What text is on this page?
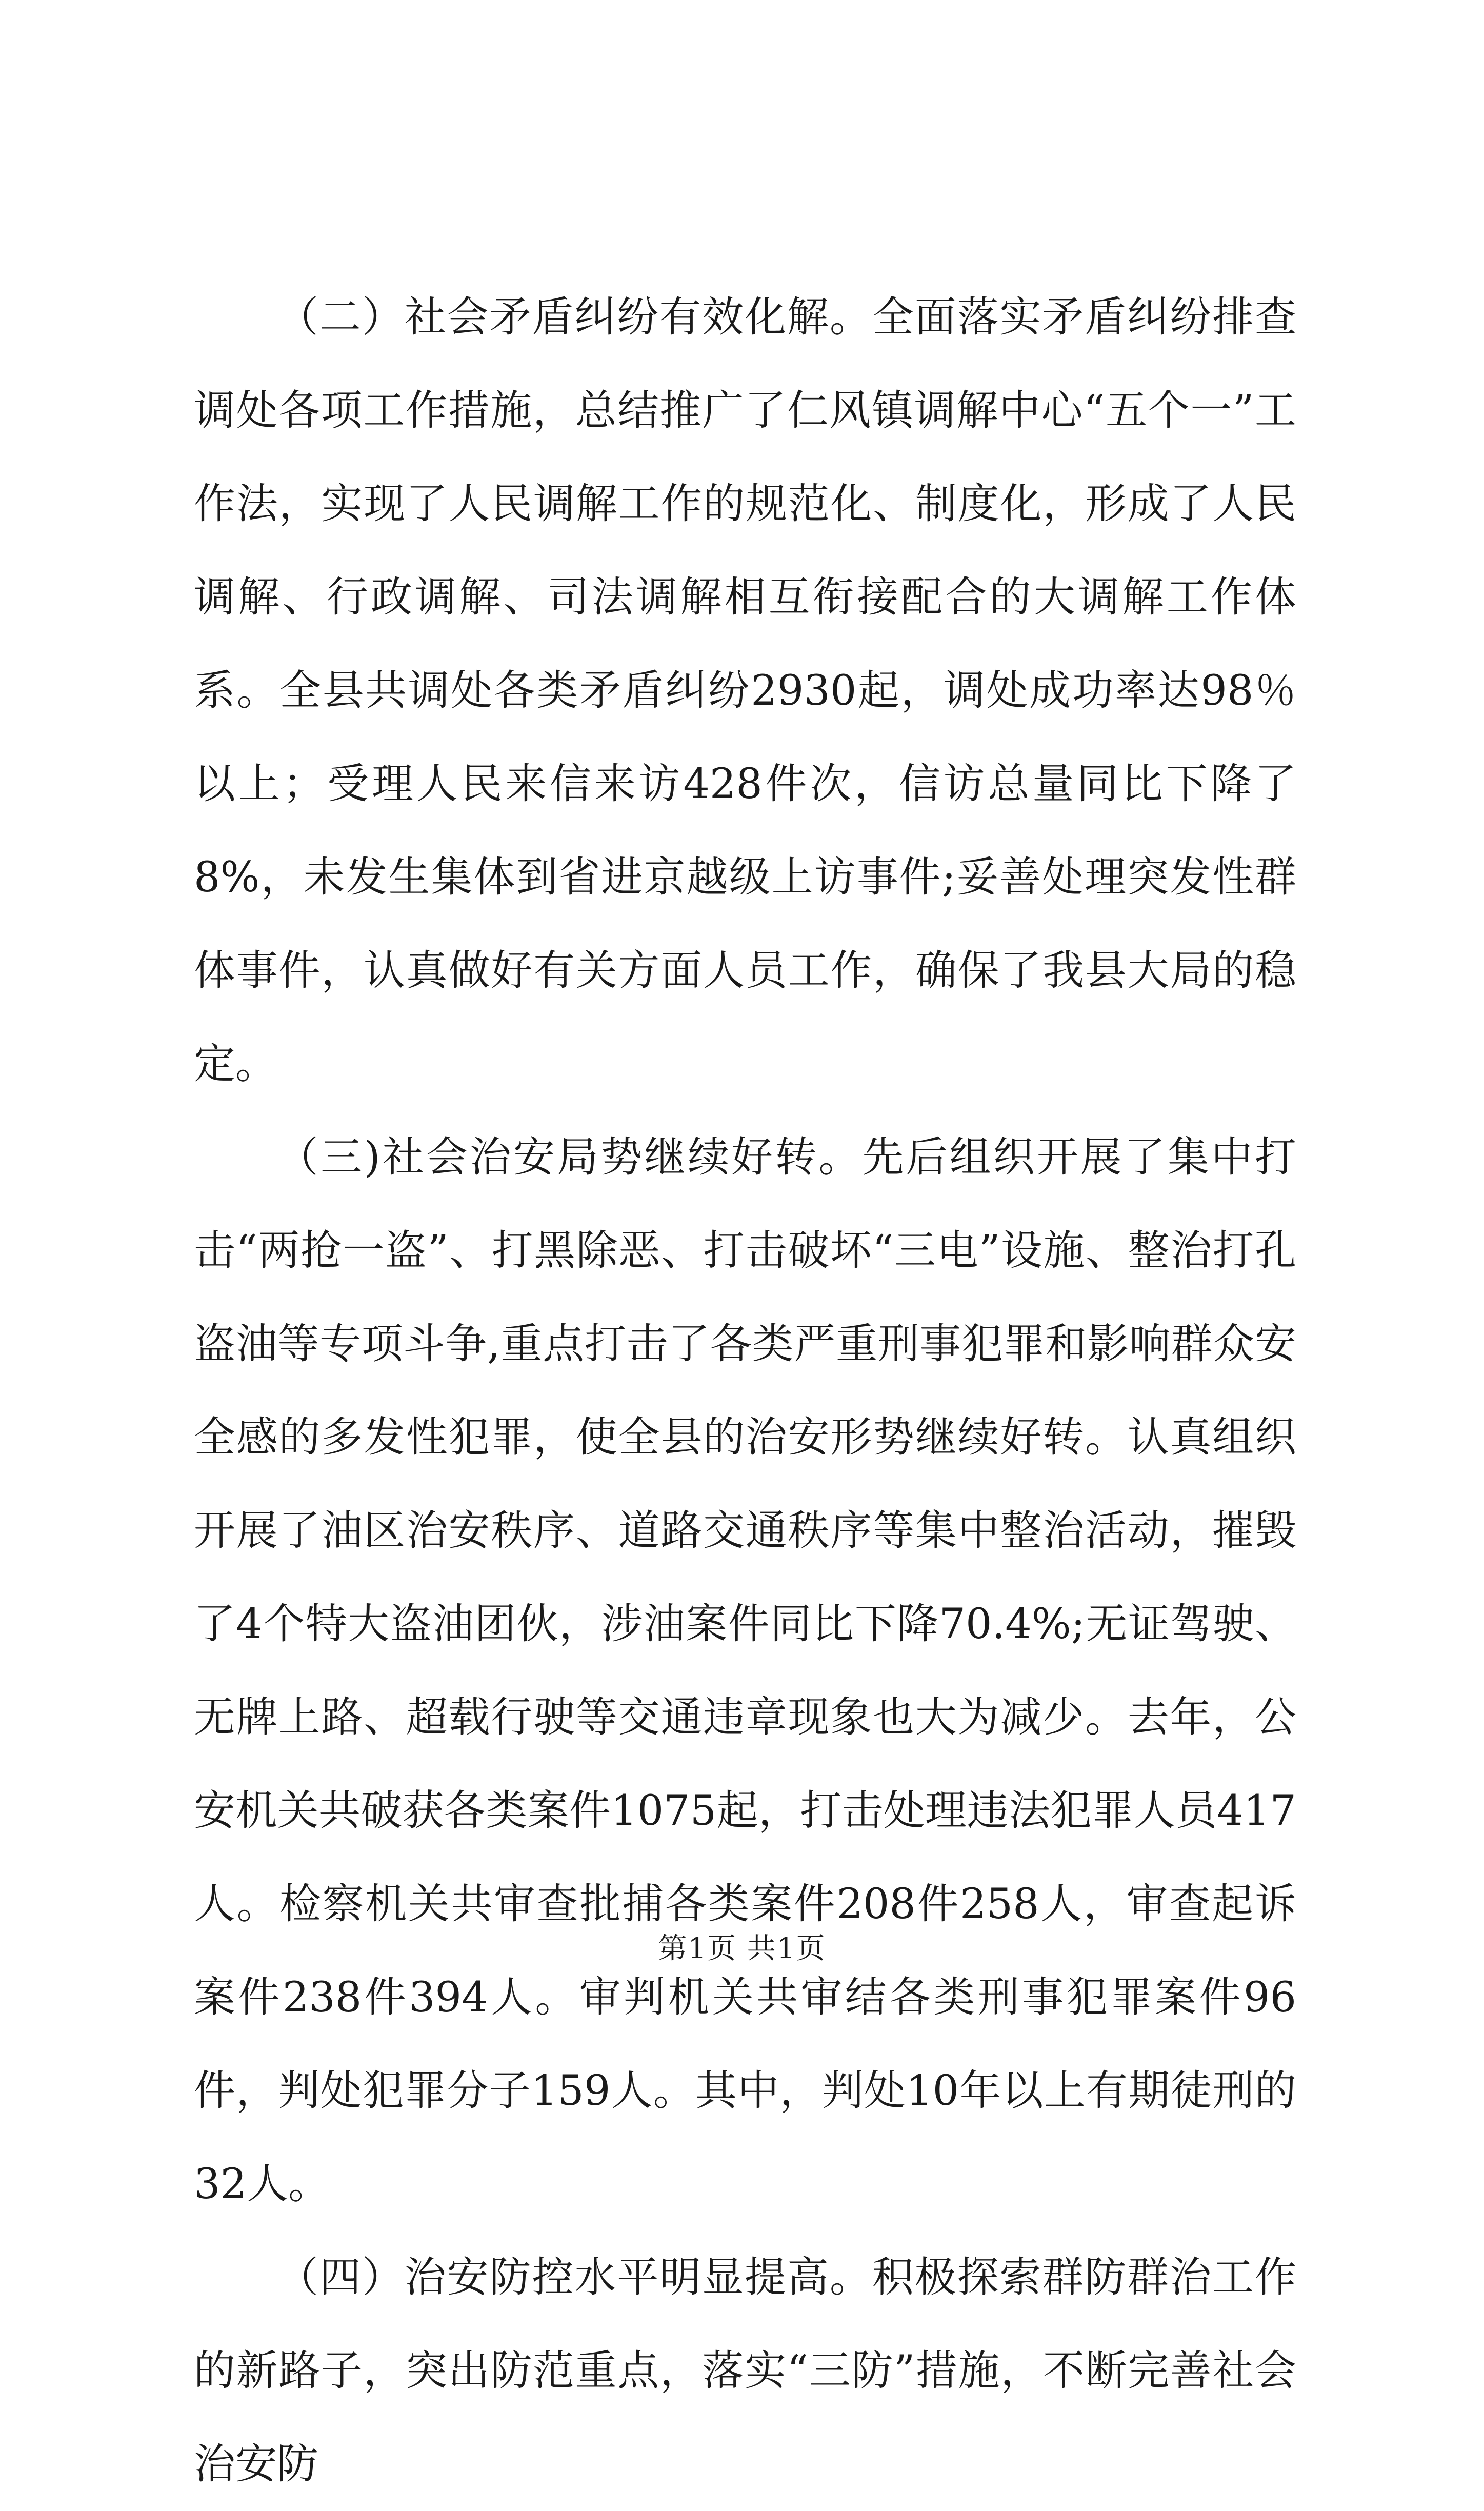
（二）社会矛盾纠纷有效化解。全面落实矛盾纠纷排查调处各项工作措施，总结推广了仁风镇调解中心“五个一”工作法，实现了人民调解工作的规范化、制度化，形成了人民调解、行政调解、司法调解相互衔接配合的大调解工作体系。全县共调处各类矛盾纠纷2930起，调处成功率达98％以上；受理人民来信来访428件次，信访总量同比下降了8%，未发生集体到省进京越级上访事件;妥善处理突发性群体事件，认真做好有关方面人员工作，确保了我县大局的稳定。

（三)社会治安局势继续好转。先后组织开展了集中打击“两抢一盗”、打黑除恶、打击破坏“三电”设施、整治打孔盗油等专项斗争,重点打击了各类严重刑事犯罪和影响群众安全感的多发性犯罪，使全县的治安形势继续好转。认真组织开展了油区治安秩序、道路交通秩序等集中整治活动，摧毁了4个特大盗油团伙，涉油案件同比下降70.4%;无证驾驶、无牌上路、超载行驶等交通违章现象也大为减少。去年，公安机关共破获各类案件1075起，打击处理违法犯罪人员417人。检察机关共审查批捕各类案件208件258人，审查起诉案件238件394人。审判机关共审结各类刑事犯罪案件96件，判处犯罪分子159人。其中，判处10年以上有期徒刑的32人。

（四）治安防控水平明显提高。积极探索群防群治工作的新路子，突出防范重点，落实“三防”措施，不断完善社会治安防

第1页 共1页
